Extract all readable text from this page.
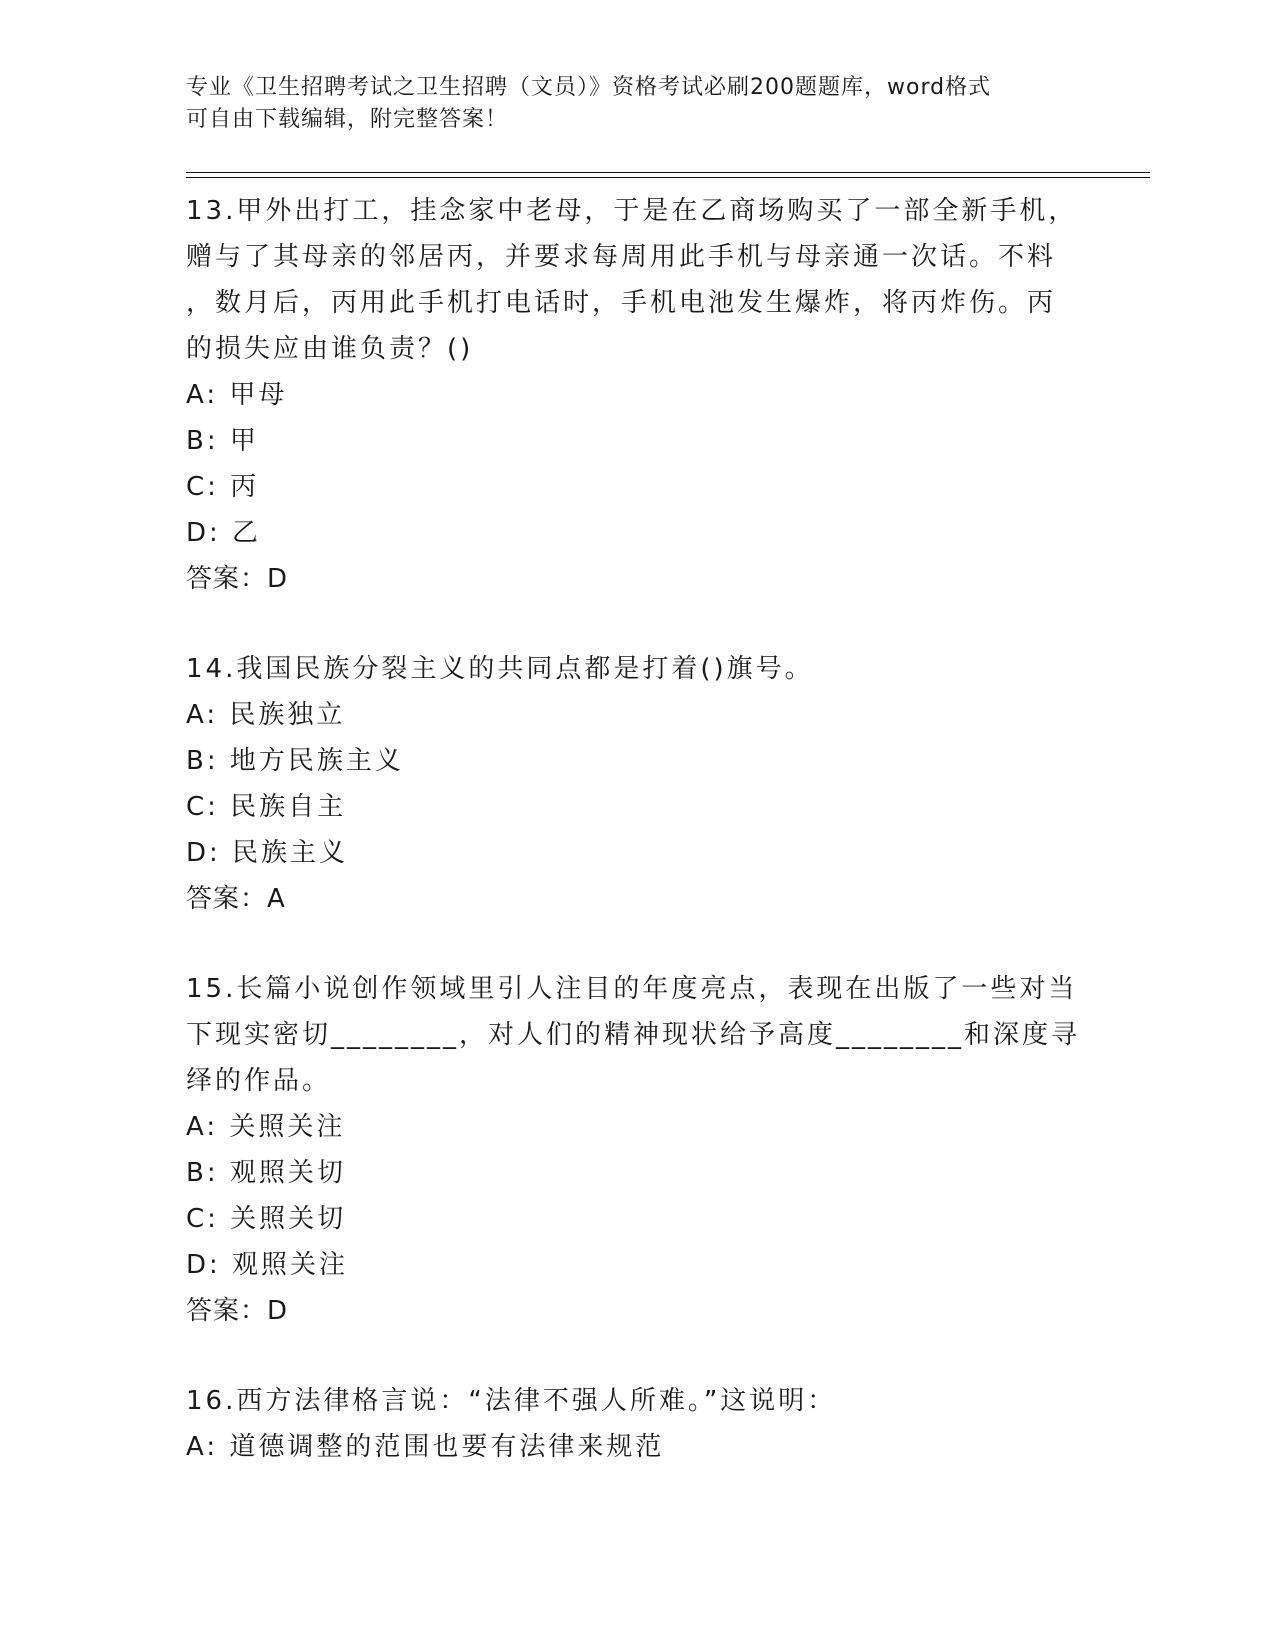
专业《卫生招聘考试之卫生招聘（文员）》资格考试必刷200题题库，word格式
可自由下载编辑，附完整答案！
13.甲外出打工，挂念家中老母，于是在乙商场购买了一部全新手机，
赠与了其母亲的邻居丙，并要求每周用此手机与母亲通一次话。不料
，数月后，丙用此手机打电话时，手机电池发生爆炸，将丙炸伤。丙
的损失应由谁负责？()
A: 甲母
B: 甲
C: 丙
D: 乙
答案：D
14.我国民族分裂主义的共同点都是打着()旗号。
A: 民族独立
B: 地方民族主义
C: 民族自主
D: 民族主义
答案：A
15.长篇小说创作领域里引人注目的年度亮点，表现在出版了一些对当
下现实密切________，对人们的精神现状给予高度________和深度寻
绎的作品。
A: 关照关注
B: 观照关切
C: 关照关切
D: 观照关注
答案：D
16.西方法律格言说：“法律不强人所难。”这说明：
A: 道德调整的范围也要有法律来规范
